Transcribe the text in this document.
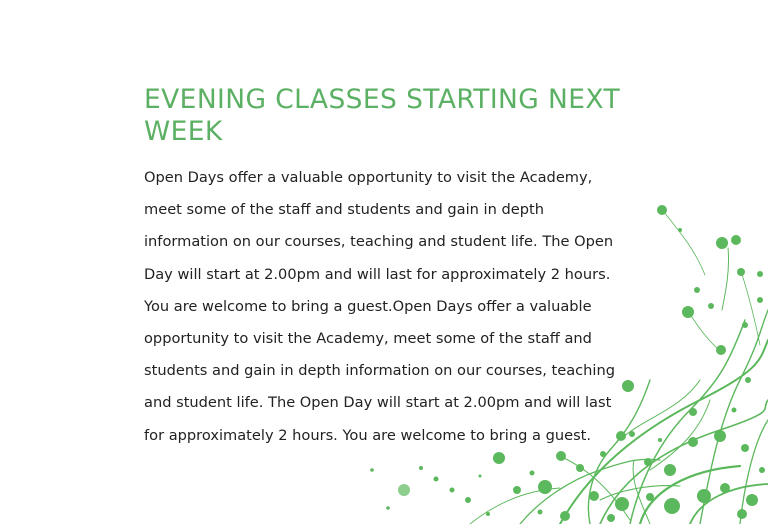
EVENING CLASSES STARTING NEXT WEEK

Open Days offer a valuable opportunity to visit the Academy, meet some of the staff and students and gain in depth information on our courses, teaching and student life. The Open Day will start at 2.00pm and will last for approximately 2 hours. You are welcome to bring a guest.Open Days offer a valuable opportunity to visit the Academy, meet some of the staff and students and gain in depth information on our courses, teaching and student life. The Open Day will start at 2.00pm and will last for approximately 2 hours. You are welcome to bring a guest.
